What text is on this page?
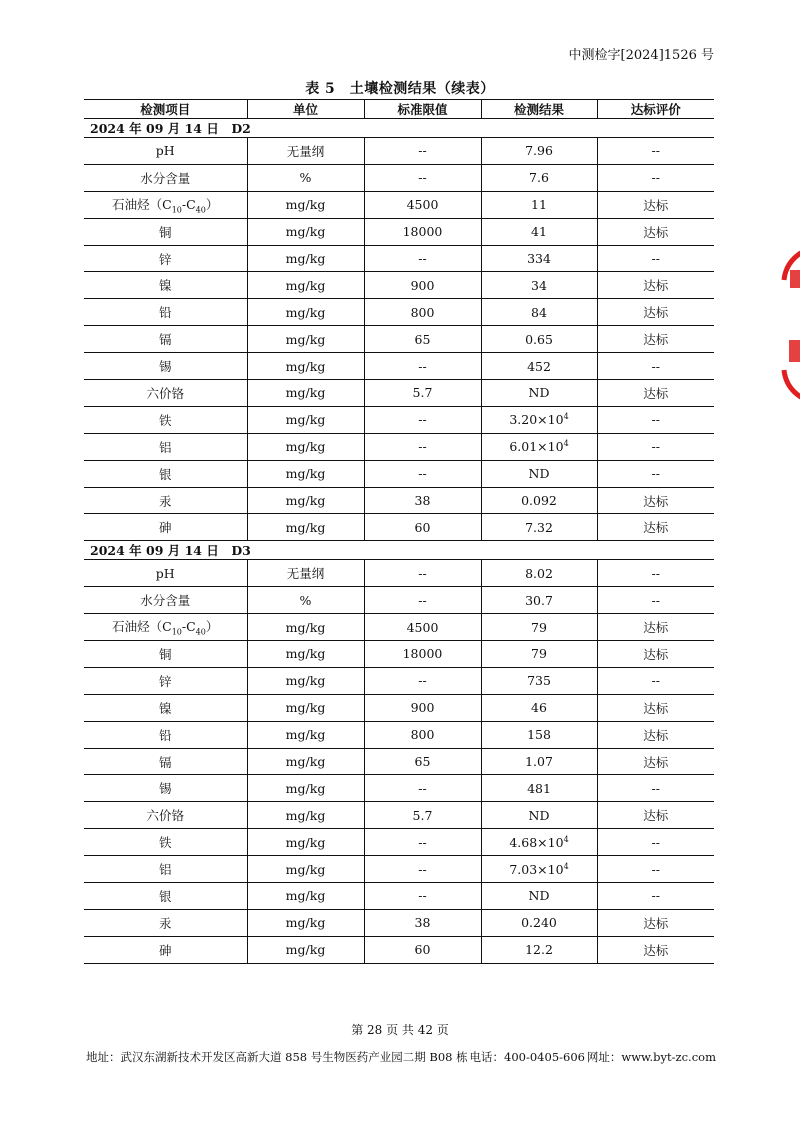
中测检字[2024]1526 号
表 5　土壤检测结果（续表）
检测项目	单位	标准限值	检测结果	达标评价
2024 年 09 月 14 日　D2				
pH	无量纲	--	7.96	--
水分含量	%	--	7.6	--
石油烃$(C_{10}-C_{40})$	mg/kg	4500	11	达标
铜	mg/kg	18000	41	达标
锌	mg/kg	--	334	--
镍	mg/kg	900	34	达标
铅	mg/kg	800	84	达标
镉	mg/kg	65	0.65	达标
锡	mg/kg	--	452	--
六价铬	mg/kg	5.7	ND	达标
铁	mg/kg	--	$3.20\times 10^4$	--
铝	mg/kg	--	$6.01\times 10^4$	--
银	mg/kg	--	ND	--
汞	mg/kg	38	0.092	达标
砷	mg/kg	60	7.32	达标
2024 年 09 月 14 日　D3				
pH	无量纲	--	8.02	--
水分含量	%	--	30.7	--
石油烃$(C_{10}-C_{40})$	mg/kg	4500	79	达标
铜	mg/kg	18000	79	达标
锌	mg/kg	--	735	--
镍	mg/kg	900	46	达标
铅	mg/kg	800	158	达标
镉	mg/kg	65	1.07	达标
锡	mg/kg	--	481	--
六价铬	mg/kg	5.7	ND	达标
铁	mg/kg	--	$4.68\times 10^4$	--
铝	mg/kg	--	$7.03\times 10^4$	--
银	mg/kg	--	ND	--
汞	mg/kg	38	0.240	达标
砷	mg/kg	60	12.2	达标
第 28 页 共 42 页
地址：武汉东湖新技术开发区高新大道 858 号生物医药产业园二期 B08 栋 电话：400-0405-606 网址：www.byt-zc.com
